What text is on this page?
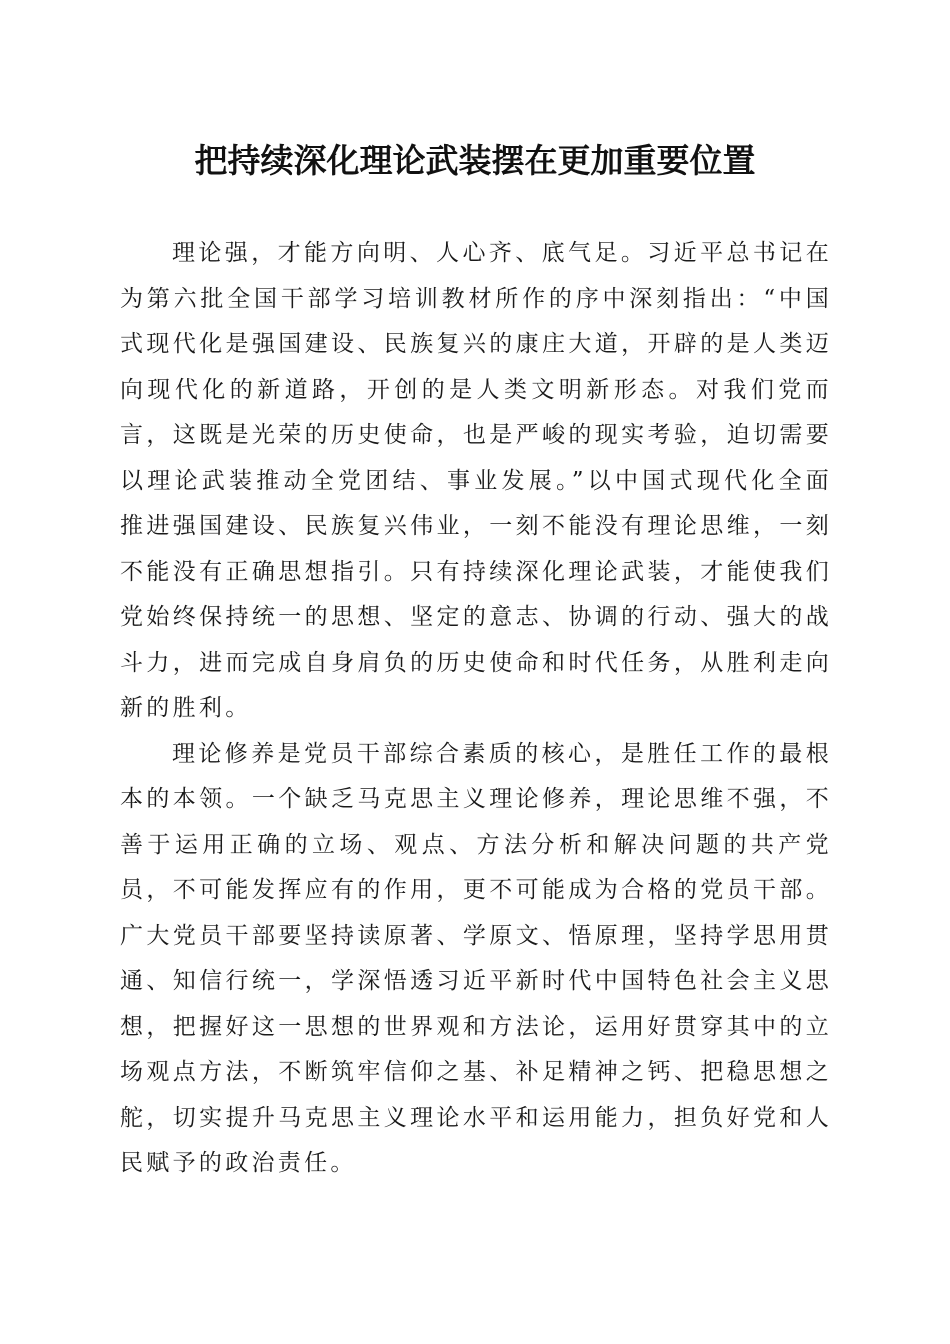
把持续深化理论武装摆在更加重要位置

理论强，才能方向明、人心齐、底气足。习近平总书记在为第六批全国干部学习培训教材所作的序中深刻指出：“中国式现代化是强国建设、民族复兴的康庄大道，开辟的是人类迈向现代化的新道路，开创的是人类文明新形态。对我们党而言，这既是光荣的历史使命，也是严峻的现实考验，迫切需要以理论武装推动全党团结、事业发展。”以中国式现代化全面推进强国建设、民族复兴伟业，一刻不能没有理论思维，一刻不能没有正确思想指引。只有持续深化理论武装，才能使我们党始终保持统一的思想、坚定的意志、协调的行动、强大的战斗力，进而完成自身肩负的历史使命和时代任务，从胜利走向新的胜利。

理论修养是党员干部综合素质的核心，是胜任工作的最根本的本领。一个缺乏马克思主义理论修养，理论思维不强，不善于运用正确的立场、观点、方法分析和解决问题的共产党员，不可能发挥应有的作用，更不可能成为合格的党员干部。广大党员干部要坚持读原著、学原文、悟原理，坚持学思用贯通、知信行统一，学深悟透习近平新时代中国特色社会主义思想，把握好这一思想的世界观和方法论，运用好贯穿其中的立场观点方法，不断筑牢信仰之基、补足精神之钙、把稳思想之舵，切实提升马克思主义理论水平和运用能力，担负好党和人民赋予的政治责任。
